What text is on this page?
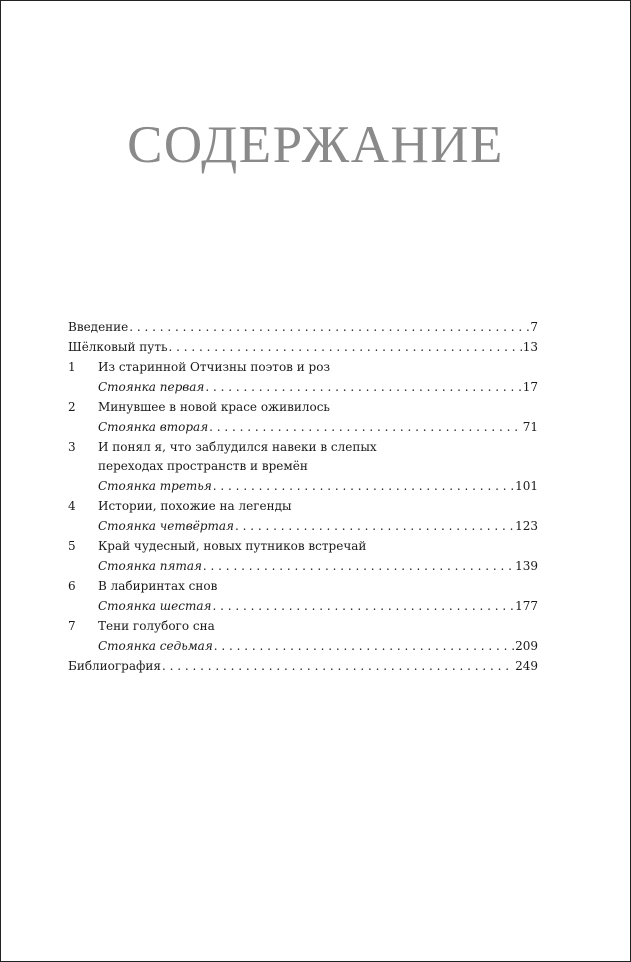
СОДЕРЖАНИЕ
Введение . . .	7
Шёлковый путь . . .	13
1	Из старинной Отчизны поэтов и роз
Стоянка первая . . .	17
2	Минувшее в новой красе оживилось
Стоянка вторая . . .	71
3	И понял я, что заблудился навеки в слепых переходах пространств и времён
Стоянка третья . . .	101
4	Истории, похожие на легенды
Стоянка четвёртая . . .	123
5	Край чудесный, новых путников встречай
Стоянка пятая . . .	139
6	В лабиринтах снов
Стоянка шестая . . .	177
7	Тени голубого сна
Стоянка седьмая . . .	209
Библиография . . .	249
